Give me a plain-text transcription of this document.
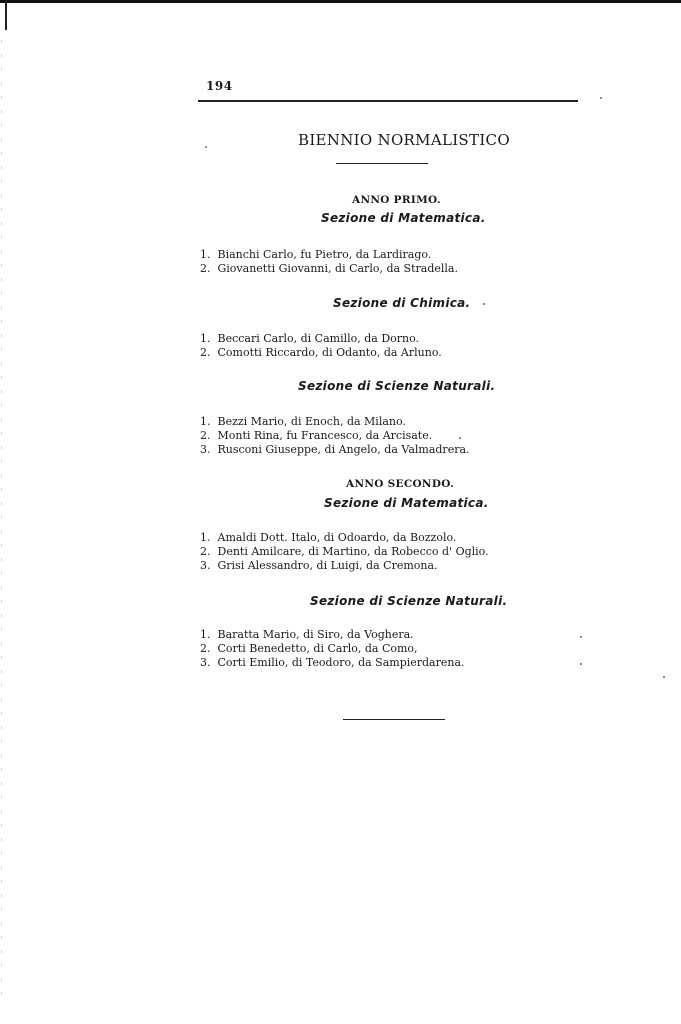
194
BIENNIO NORMALISTICO
ANNO PRIMO.
Sezione di Matematica.
1. Bianchi Carlo, fu Pietro, da Lardirago.
2. Giovanetti Giovanni, di Carlo, da Stradella.
Sezione di Chimica.
1. Beccari Carlo, di Camillo, da Dorno.
2. Comotti Riccardo, di Odanto, da Arluno.
Sezione di Scienze Naturali.
1. Bezzi Mario, di Enoch, da Milano.
2. Monti Rina, fu Francesco, da Arcisate.
3. Rusconi Giuseppe, di Angelo, da Valmadrera.
ANNO SECONDO.
Sezione di Matematica.
1. Amaldi Dott. Italo, di Odoardo, da Bozzolo.
2. Denti Amilcare, di Martino, da Robecco d' Oglio.
3. Grisi Alessandro, di Luigi, da Cremona.
Sezione di Scienze Naturali.
1. Baratta Mario, di Siro, da Voghera.
2. Corti Benedetto, di Carlo, da Como,
3. Corti Emilio, di Teodoro, da Sampierdarena.
